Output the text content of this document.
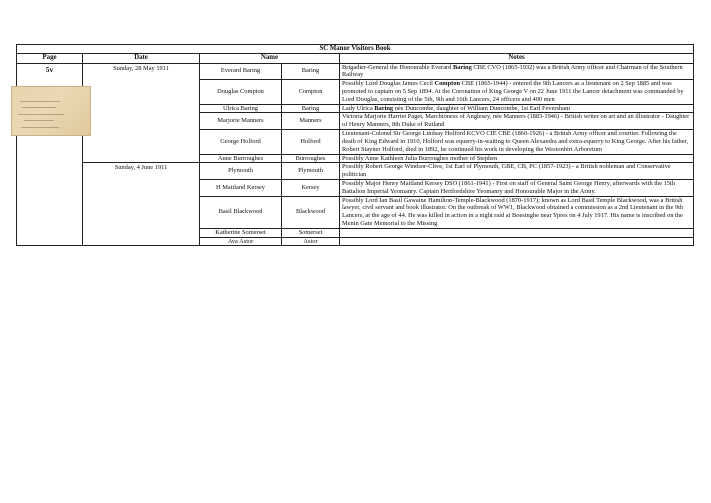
SC Manor Visitors Book				
Page	Date	Name		Notes

5v	Sunday, 28 May 1911	Everard Baring	Baring	Brigadier-General the Honourable Everard Baring CBE CVO (1865-1932) was a British Army officer and Chairman of the Southern Railway
		Douglas Compton	Compton	Possibly Lord Douglas James Cecil Compton CBE (1865-1944) - entered the 9th Lancers as a lieutenant on 2 Sep 1885 and was promoted to captain on 5 Sep 1894. At the Coronation of King George V on 22 June 1911 the Lancer detachment was commanded by Lord Douglas, consisting of the 5th, 9th and 16th Lancers, 24 officers and 400 men
		Ulrica Baring	Baring	Lady Ulrica Baring née Duncombe, daughter of William Duncombe, 1st Earl Feversham
		Marjorie Manners	Manners	Victoria Marjorie Harriet Paget, Marchioness of Anglesey, née Manners (1883-1946) - British writer on art and an illustrator - Daughter of Henry Manners, 8th Duke of Rutland
		George Holford	Holford	Lieutenant-Colonel Sir George Lindsay Holford KCVO CIE CBE (1860-1926) - a British Army officer and courtier. Following the death of King Edward in 1910, Holford was equerry-in-waiting to Queen Alexandra and extra-equerry to King George. After his father, Robert Stayner Holford, died in 1892, he continued his work in developing the Westonbirt Arboretum
		Anne Burroughes	Burroughes	Possibly Anne Kathleen Julia Burroughes mother of Stephen

	Sunday, 4 June 1911	Plymouth	Plymouth	Possibly Robert George Windsor-Clive, 1st Earl of Plymouth, GBE, CB, PC (1857-1923) - a British nobleman and Conservative politician
		H Maitland Kersey	Kersey	Possibly Major Henry Maitland Kersey DSO (1861-1941) - First on staff of General Saint George Henry, afterwards with the 15th Battalion Imperial Yeomanry. Captain Hertfordshire Yeomanry and Honourable Major in the Army.
		Basil Blackwood	Blackwood	Possibly Lord Ian Basil Gawaine Hamilton-Temple-Blackwood (1870-1917); known as Lord Basil Temple Blackwood, was a British lawyer, civil servant and book illustrator. On the outbreak of WW1, Blackwood obtained a commission as a 2nd Lieutenant in the 9th Lancers, at the age of 44. He was killed in action in a night raid at Boesinghe near Ypres on 4 July 1917. His name is inscribed on the Menin Gate Memorial to the Missing
		Katherine Somerset	Somerset	
		Ava Astor	Astor	
